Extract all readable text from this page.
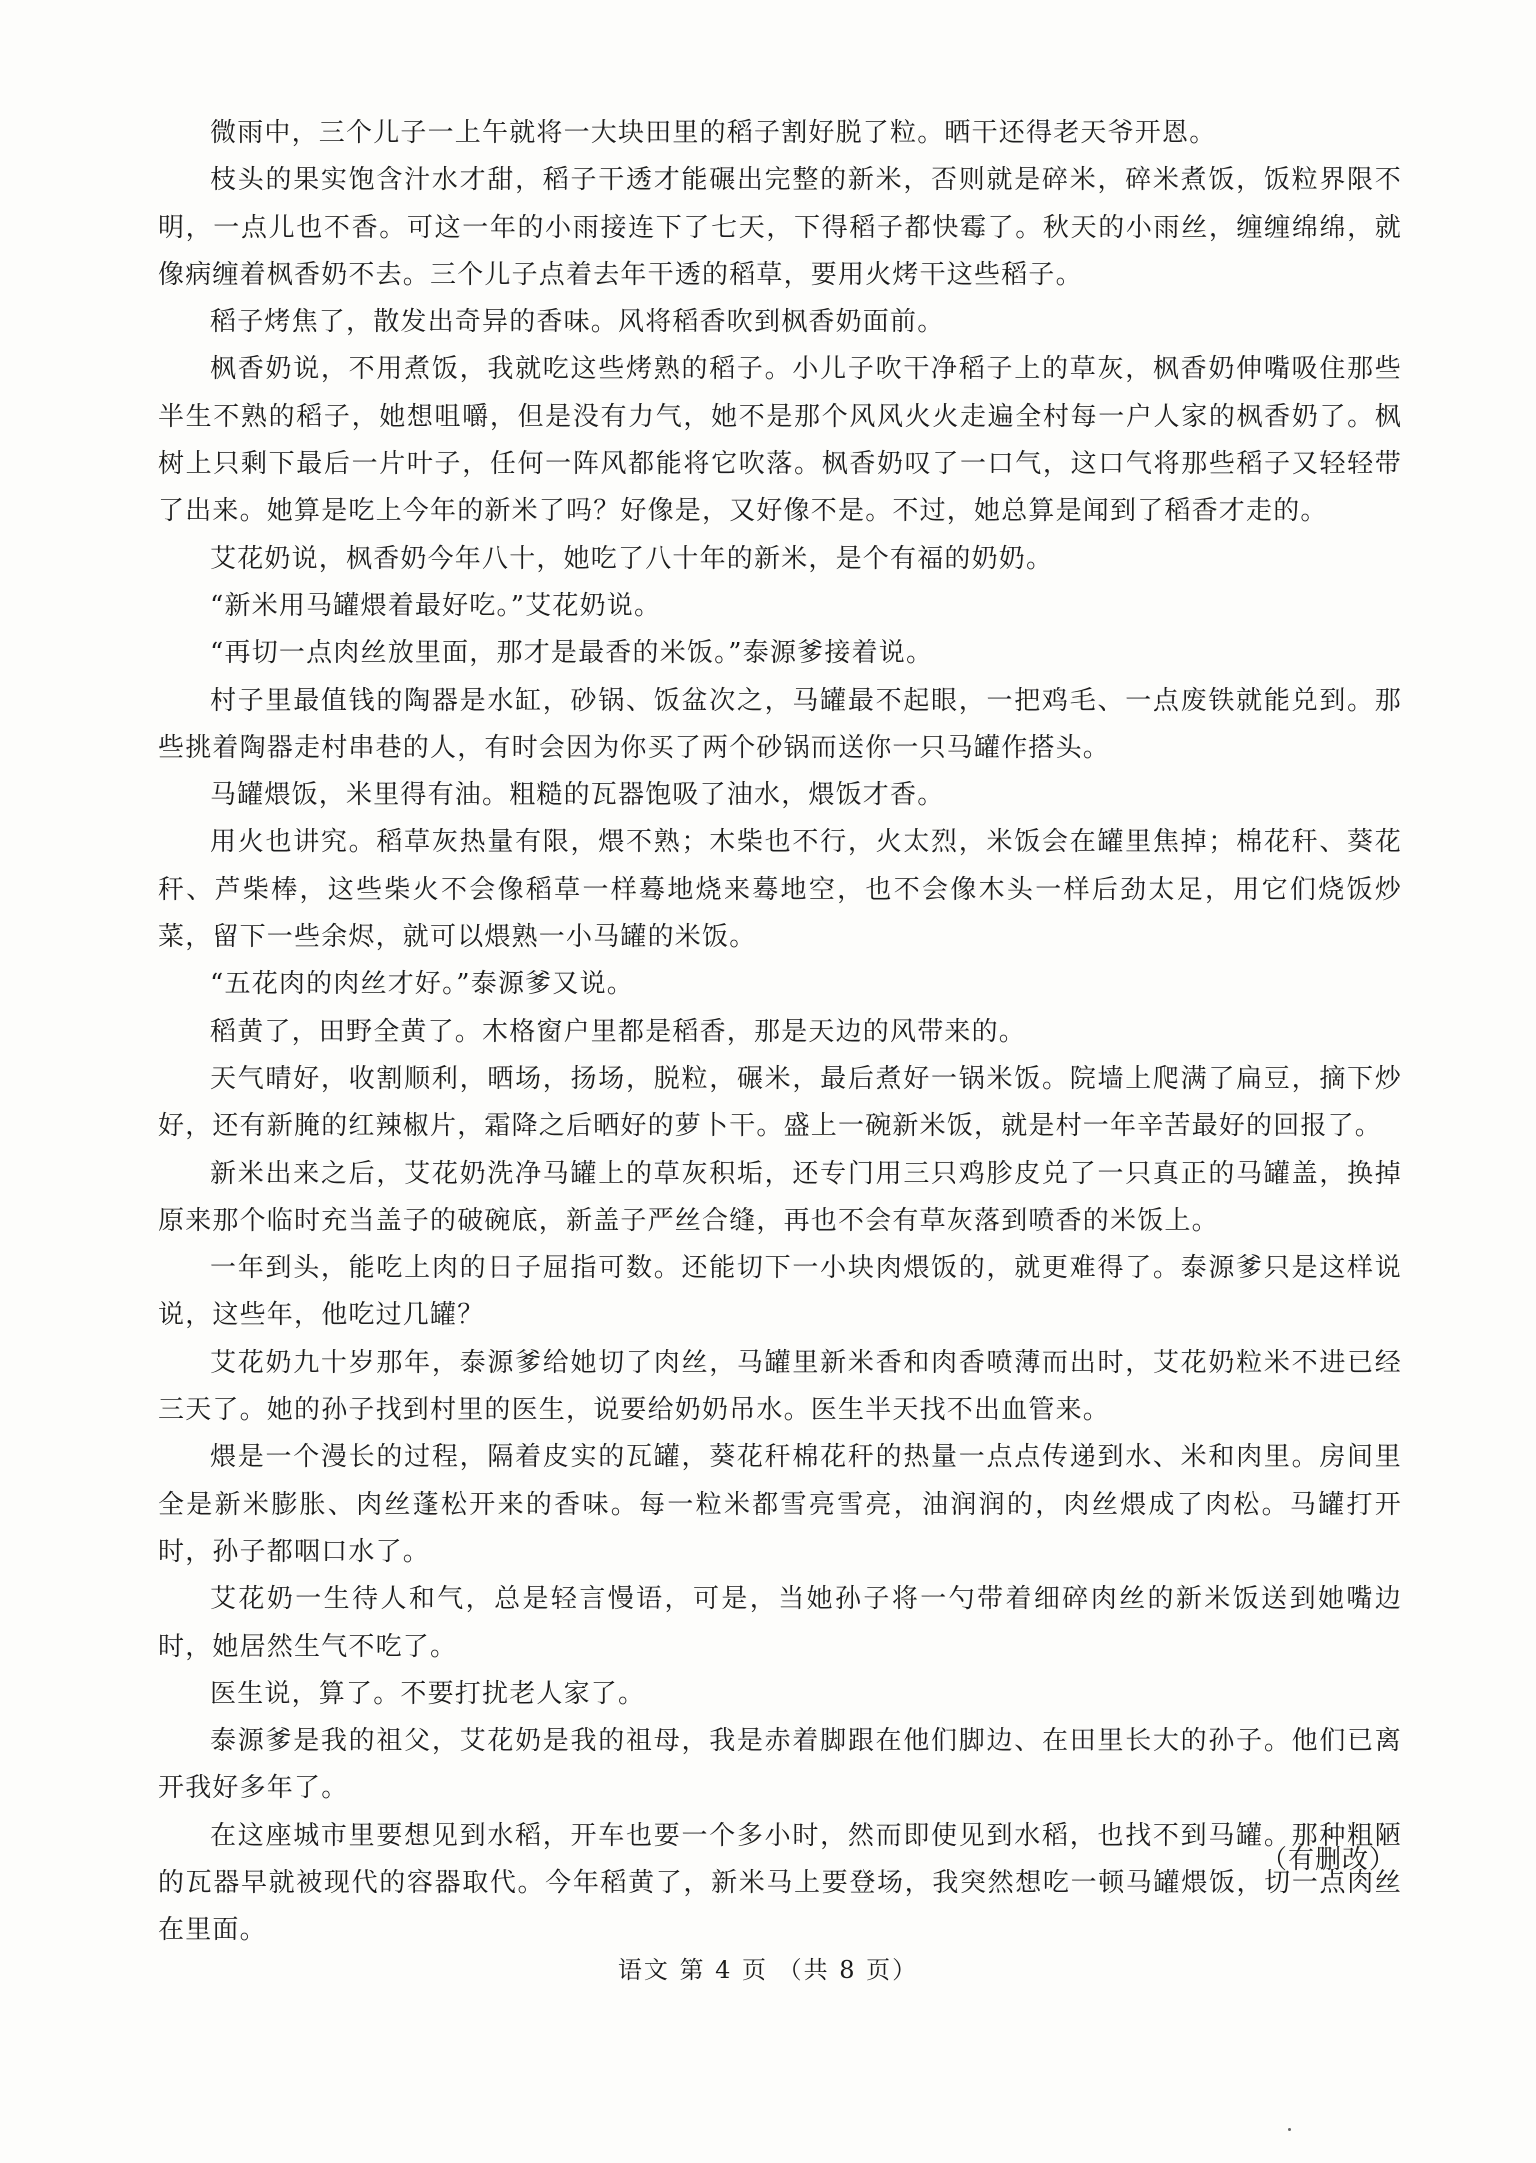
微雨中，三个儿子一上午就将一大块田里的稻子割好脱了粒。晒干还得老天爷开恩。

枝头的果实饱含汁水才甜，稻子干透才能碾出完整的新米，否则就是碎米，碎米煮饭，饭粒界限不明，一点儿也不香。可这一年的小雨接连下了七天，下得稻子都快霉了。秋天的小雨丝，缠缠绵绵，就像病缠着枫香奶不去。三个儿子点着去年干透的稻草，要用火烤干这些稻子。

稻子烤焦了，散发出奇异的香味。风将稻香吹到枫香奶面前。

枫香奶说，不用煮饭，我就吃这些烤熟的稻子。小儿子吹干净稻子上的草灰，枫香奶伸嘴吸住那些半生不熟的稻子，她想咀嚼，但是没有力气，她不是那个风风火火走遍全村每一户人家的枫香奶了。枫树上只剩下最后一片叶子，任何一阵风都能将它吹落。枫香奶叹了一口气，这口气将那些稻子又轻轻带了出来。她算是吃上今年的新米了吗？好像是，又好像不是。不过，她总算是闻到了稻香才走的。

艾花奶说，枫香奶今年八十，她吃了八十年的新米，是个有福的奶奶。

“新米用马罐煨着最好吃。”艾花奶说。

“再切一点肉丝放里面，那才是最香的米饭。”泰源爹接着说。

村子里最值钱的陶器是水缸，砂锅、饭盆次之，马罐最不起眼，一把鸡毛、一点废铁就能兑到。那些挑着陶器走村串巷的人，有时会因为你买了两个砂锅而送你一只马罐作搭头。

马罐煨饭，米里得有油。粗糙的瓦器饱吸了油水，煨饭才香。

用火也讲究。稻草灰热量有限，煨不熟；木柴也不行，火太烈，米饭会在罐里焦掉；棉花秆、葵花秆、芦柴棒，这些柴火不会像稻草一样蓦地烧来蓦地空，也不会像木头一样后劲太足，用它们烧饭炒菜，留下一些余烬，就可以煨熟一小马罐的米饭。

“五花肉的肉丝才好。”泰源爹又说。

稻黄了，田野全黄了。木格窗户里都是稻香，那是天边的风带来的。

天气晴好，收割顺利，晒场，扬场，脱粒，碾米，最后煮好一锅米饭。院墙上爬满了扁豆，摘下炒好，还有新腌的红辣椒片，霜降之后晒好的萝卜干。盛上一碗新米饭，就是村一年辛苦最好的回报了。

新米出来之后，艾花奶洗净马罐上的草灰积垢，还专门用三只鸡胗皮兑了一只真正的马罐盖，换掉原来那个临时充当盖子的破碗底，新盖子严丝合缝，再也不会有草灰落到喷香的米饭上。

一年到头，能吃上肉的日子屈指可数。还能切下一小块肉煨饭的，就更难得了。泰源爹只是这样说说，这些年，他吃过几罐？

艾花奶九十岁那年，泰源爹给她切了肉丝，马罐里新米香和肉香喷薄而出时，艾花奶粒米不进已经三天了。她的孙子找到村里的医生，说要给奶奶吊水。医生半天找不出血管来。

煨是一个漫长的过程，隔着皮实的瓦罐，葵花秆棉花秆的热量一点点传递到水、米和肉里。房间里全是新米膨胀、肉丝蓬松开来的香味。每一粒米都雪亮雪亮，油润润的，肉丝煨成了肉松。马罐打开时，孙子都咽口水了。

艾花奶一生待人和气，总是轻言慢语，可是，当她孙子将一勺带着细碎肉丝的新米饭送到她嘴边时，她居然生气不吃了。

医生说，算了。不要打扰老人家了。

泰源爹是我的祖父，艾花奶是我的祖母，我是赤着脚跟在他们脚边、在田里长大的孙子。他们已离开我好多年了。

在这座城市里要想见到水稻，开车也要一个多小时，然而即使见到水稻，也找不到马罐。那种粗陋的瓦器早就被现代的容器取代。今年稻黄了，新米马上要登场，我突然想吃一顿马罐煨饭，切一点肉丝在里面。

（有删改）
语文 第 4 页 （共 8 页）
